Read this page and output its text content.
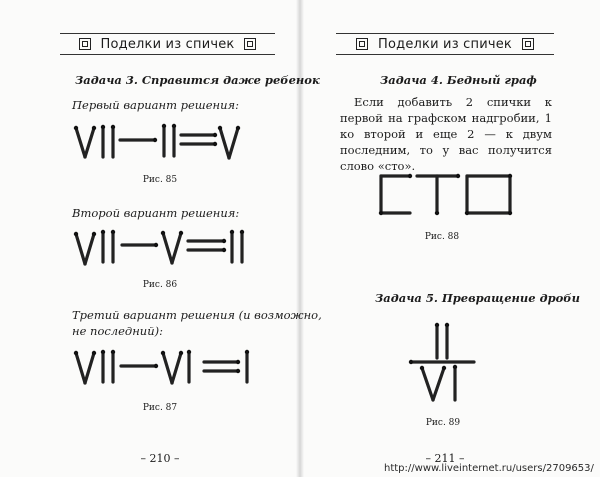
Поделки из спичек
Задача 3. Справится даже ребенок
Первый вариант решения:
Рис. 85
Второй вариант решения:
Рис. 86
Третий вариант решения (и возможно,
не последний):
Рис. 87
– 210 –
Поделки из спичек
Задача 4. Бедный граф
Если добавить 2 спички к первой на графском надгробии, 1 ко второй и еще 2 — к двум последним, то у вас получится слово «сто».
Рис. 88
Задача 5. Превращение дроби
Рис. 89
– 211 –
http://www.liveinternet.ru/users/2709653/
